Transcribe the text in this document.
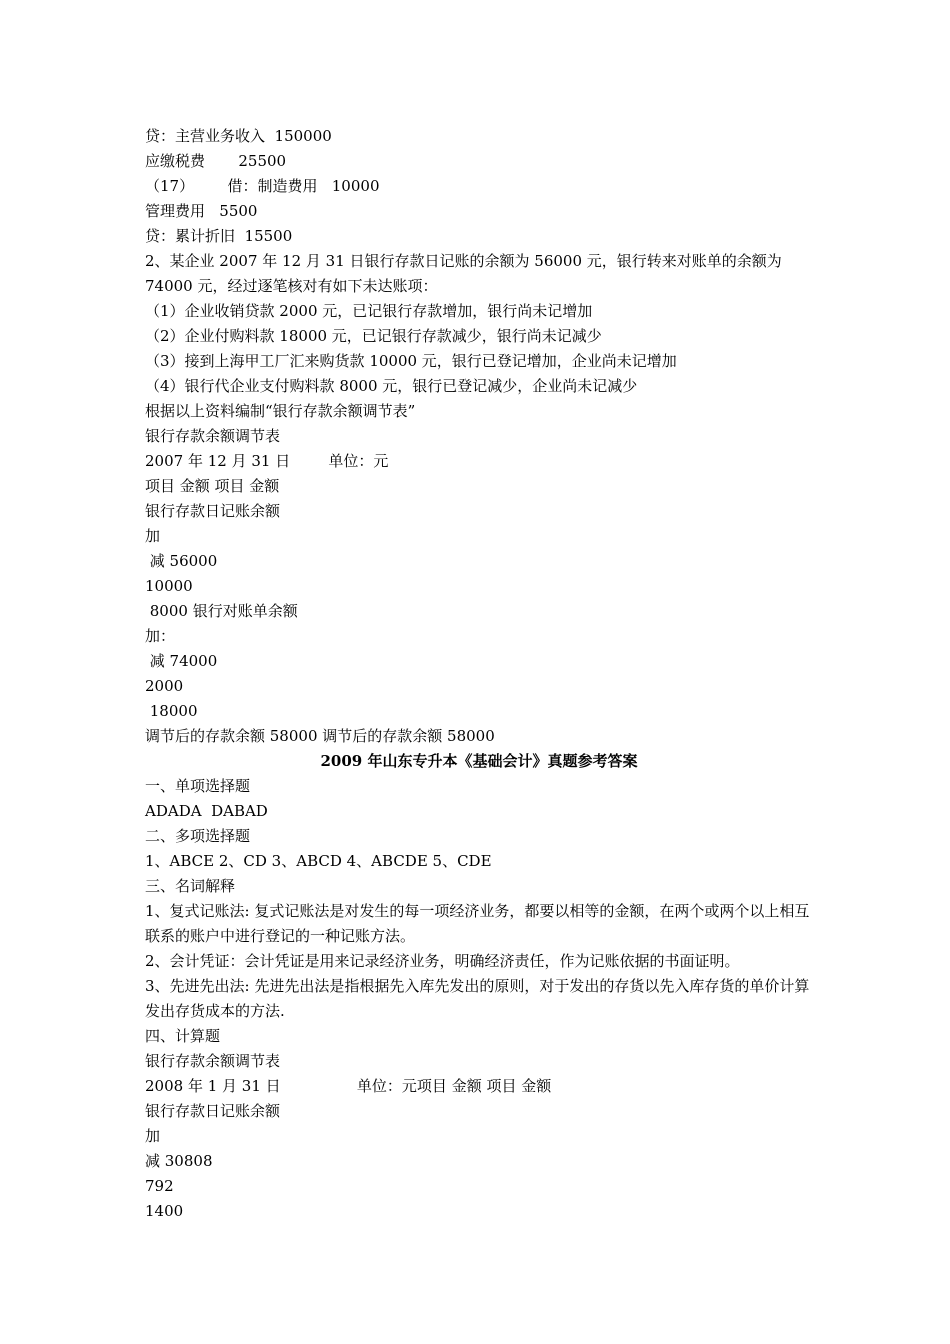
贷：主营业务收入  150000
应缴税费       25500
（17）       借：制造费用   10000
管理费用   5500
贷：累计折旧  15500
2、某企业 2007 年 12 月 31 日银行存款日记账的余额为 56000 元，银行转来对账单的余额为 74000 元，经过逐笔核对有如下未达账项：
（1）企业收销贷款 2000 元，已记银行存款增加，银行尚未记增加
（2）企业付购料款 18000 元，已记银行存款减少，银行尚未记减少
（3）接到上海甲工厂汇来购货款 10000 元，银行已登记增加，企业尚未记增加
（4）银行代企业支付购料款 8000 元，银行已登记减少，企业尚未记减少
根据以上资料编制“银行存款余额调节表”
银行存款余额调节表
2007 年 12 月 31 日        单位：元
项目 金额 项目 金额
银行存款日记账余额
加
减 56000
10000
8000 银行对账单余额
加：
减 74000
2000
18000
调节后的存款余额 58000 调节后的存款余额 58000
2009 年山东专升本《基础会计》真题参考答案
一、单项选择题
ADADA  DABAD
二、多项选择题
1、ABCE 2、CD 3、ABCD 4、ABCDE 5、CDE
三、名词解释
1、复式记账法: 复式记账法是对发生的每一项经济业务，都要以相等的金额，在两个或两个以上相互联系的账户中进行登记的一种记账方法。
2、会计凭证：会计凭证是用来记录经济业务，明确经济责任，作为记账依据的书面证明。
3、先进先出法: 先进先出法是指根据先入库先发出的原则，对于发出的存货以先入库存货的单价计算发出存货成本的方法.
四、计算题
银行存款余额调节表
2008 年 1 月 31 日                单位：元项目 金额 项目 金额
银行存款日记账余额
加
减 30808
792
1400
